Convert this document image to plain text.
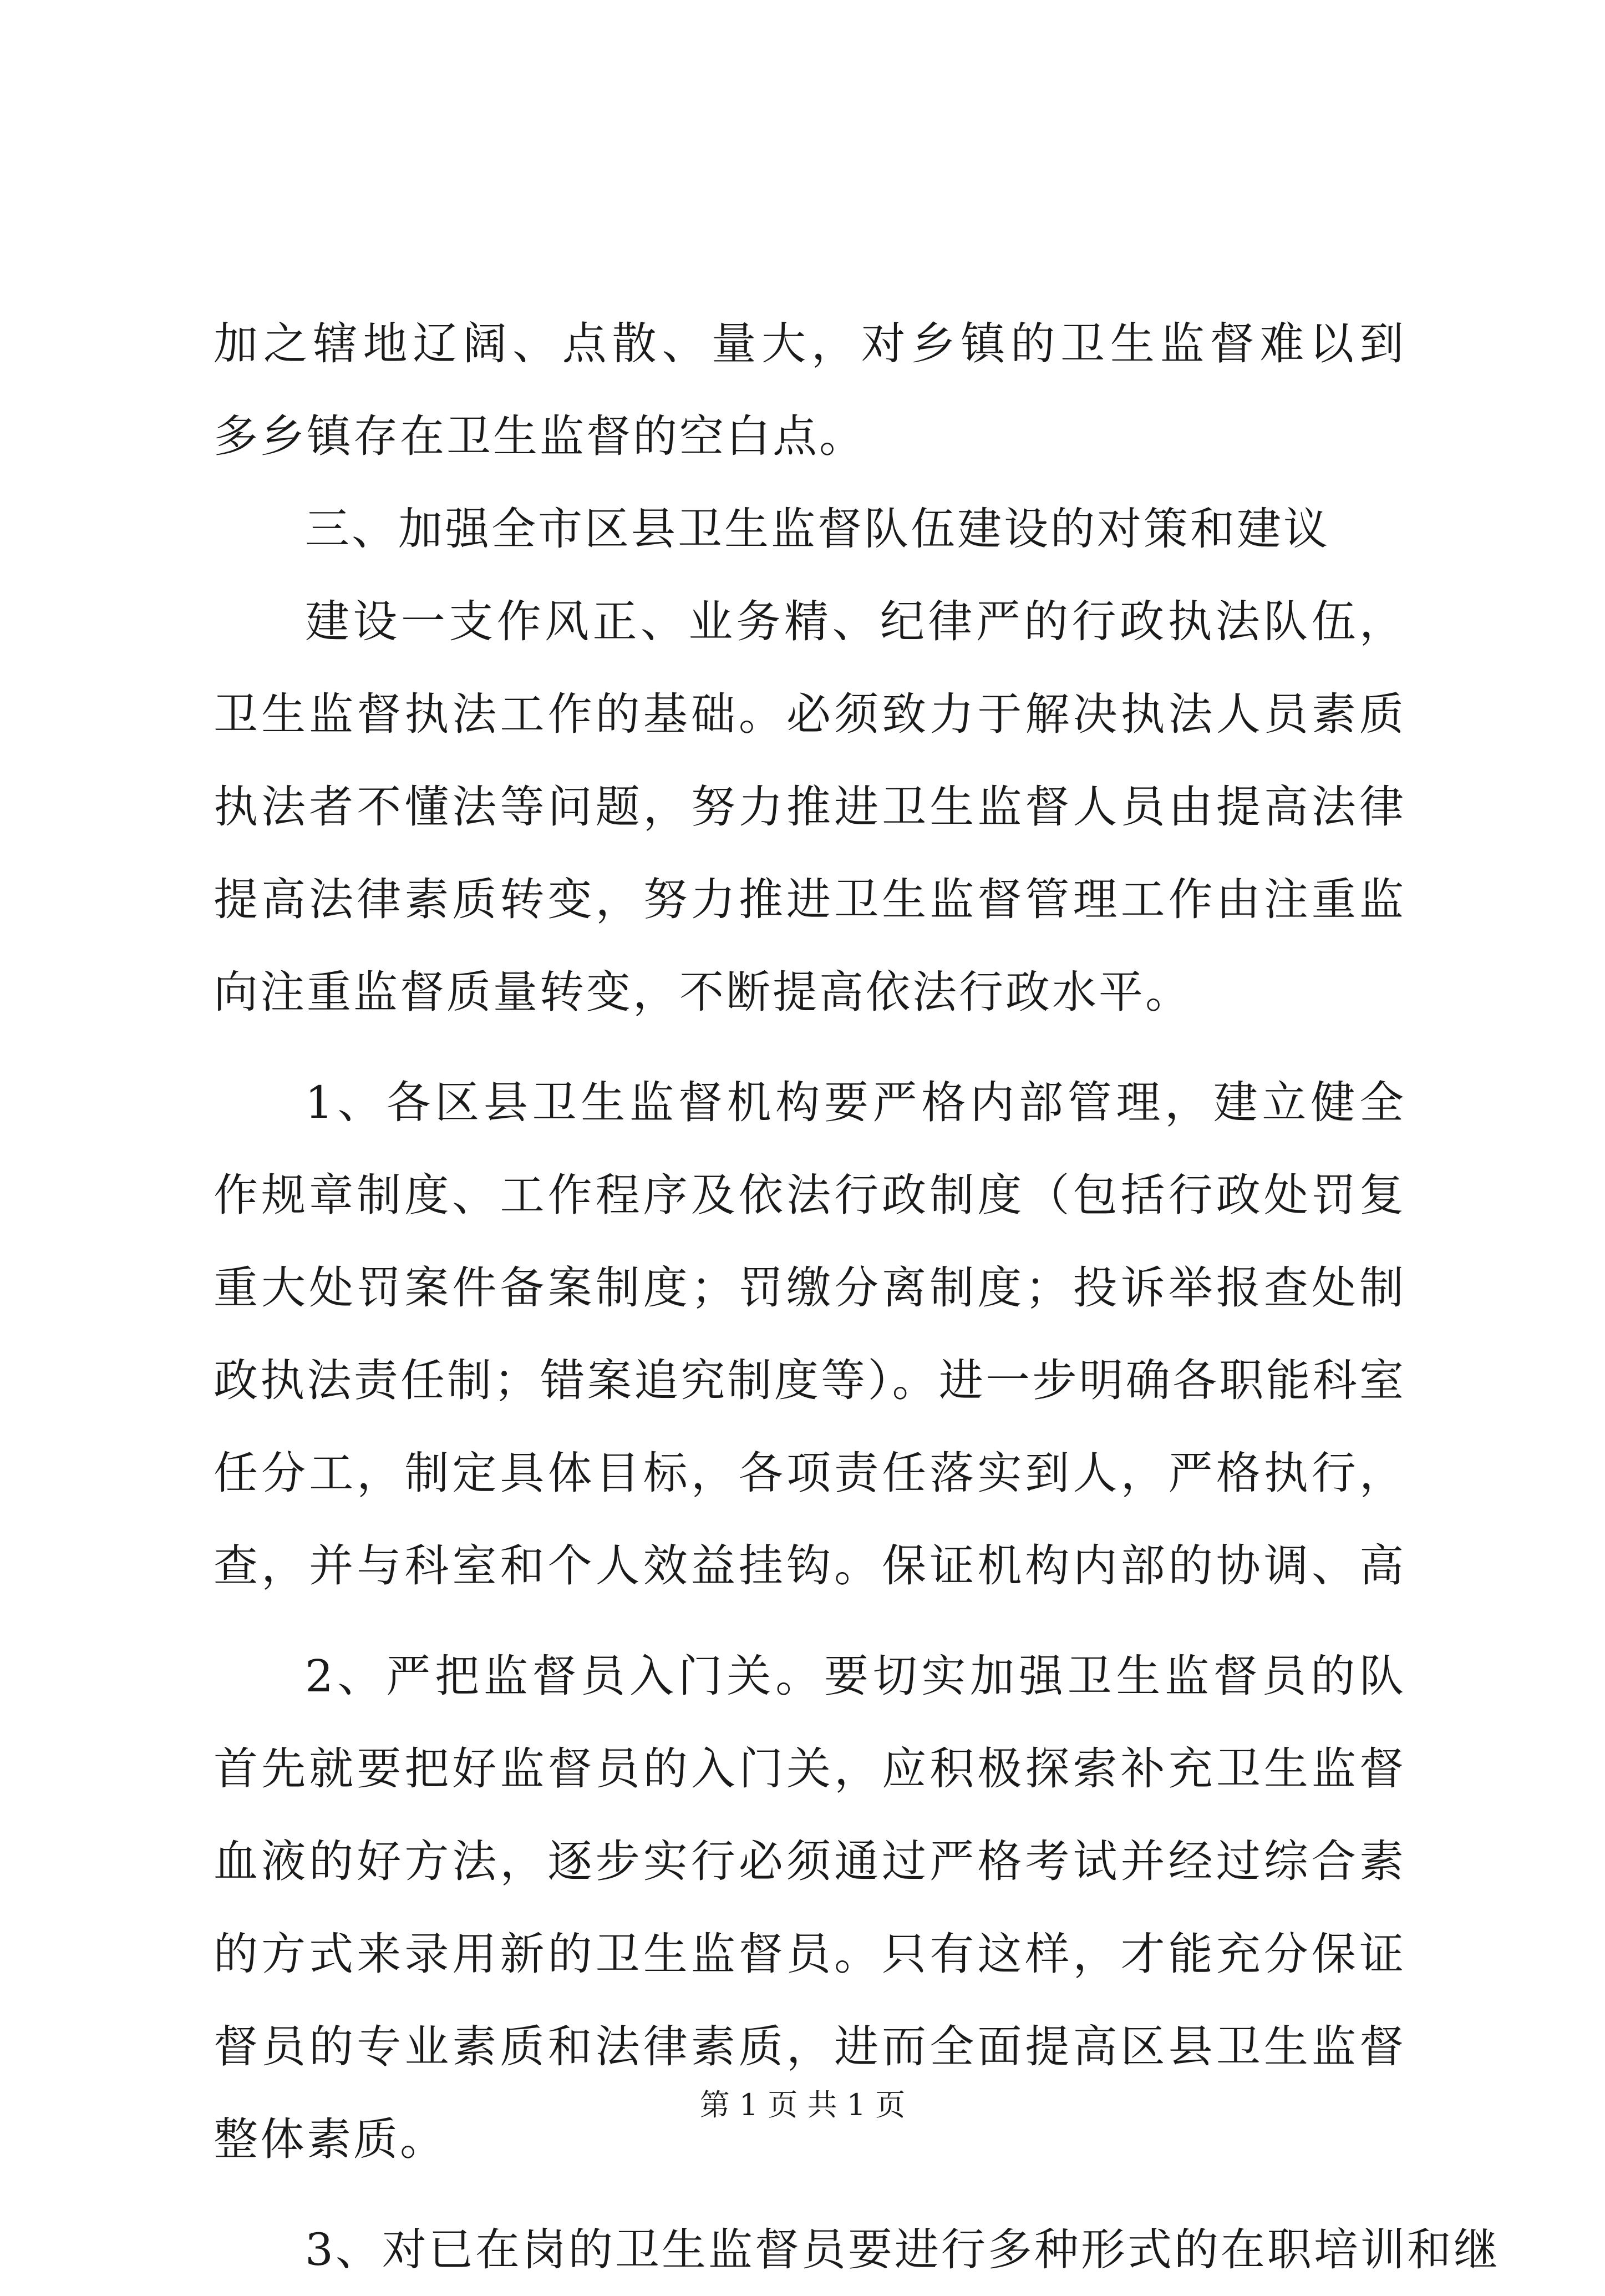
加之辖地辽阔、点散、量大，对乡镇的卫生监督难以到
多乡镇存在卫生监督的空白点。
三、加强全市区县卫生监督队伍建设的对策和建议
建设一支作风正、业务精、纪律严的行政执法队伍，
卫生监督执法工作的基础。必须致力于解决执法人员素质
执法者不懂法等问题，努力推进卫生监督人员由提高法律
提高法律素质转变，努力推进卫生监督管理工作由注重监
向注重监督质量转变，不断提高依法行政水平。
1、各区县卫生监督机构要严格内部管理，建立健全
作规章制度、工作程序及依法行政制度（包括行政处罚复
重大处罚案件备案制度；罚缴分离制度；投诉举报查处制
政执法责任制；错案追究制度等）。进一步明确各职能科室
任分工，制定具体目标，各项责任落实到人，严格执行，
查，并与科室和个人效益挂钩。保证机构内部的协调、高
2、严把监督员入门关。要切实加强卫生监督员的队
首先就要把好监督员的入门关，应积极探索补充卫生监督
血液的好方法，逐步实行必须通过严格考试并经过综合素
的方式来录用新的卫生监督员。只有这样，才能充分保证
督员的专业素质和法律素质，进而全面提高区县卫生监督
整体素质。
3、对已在岗的卫生监督员要进行多种形式的在职培训和继
第 1 页 共 1 页
